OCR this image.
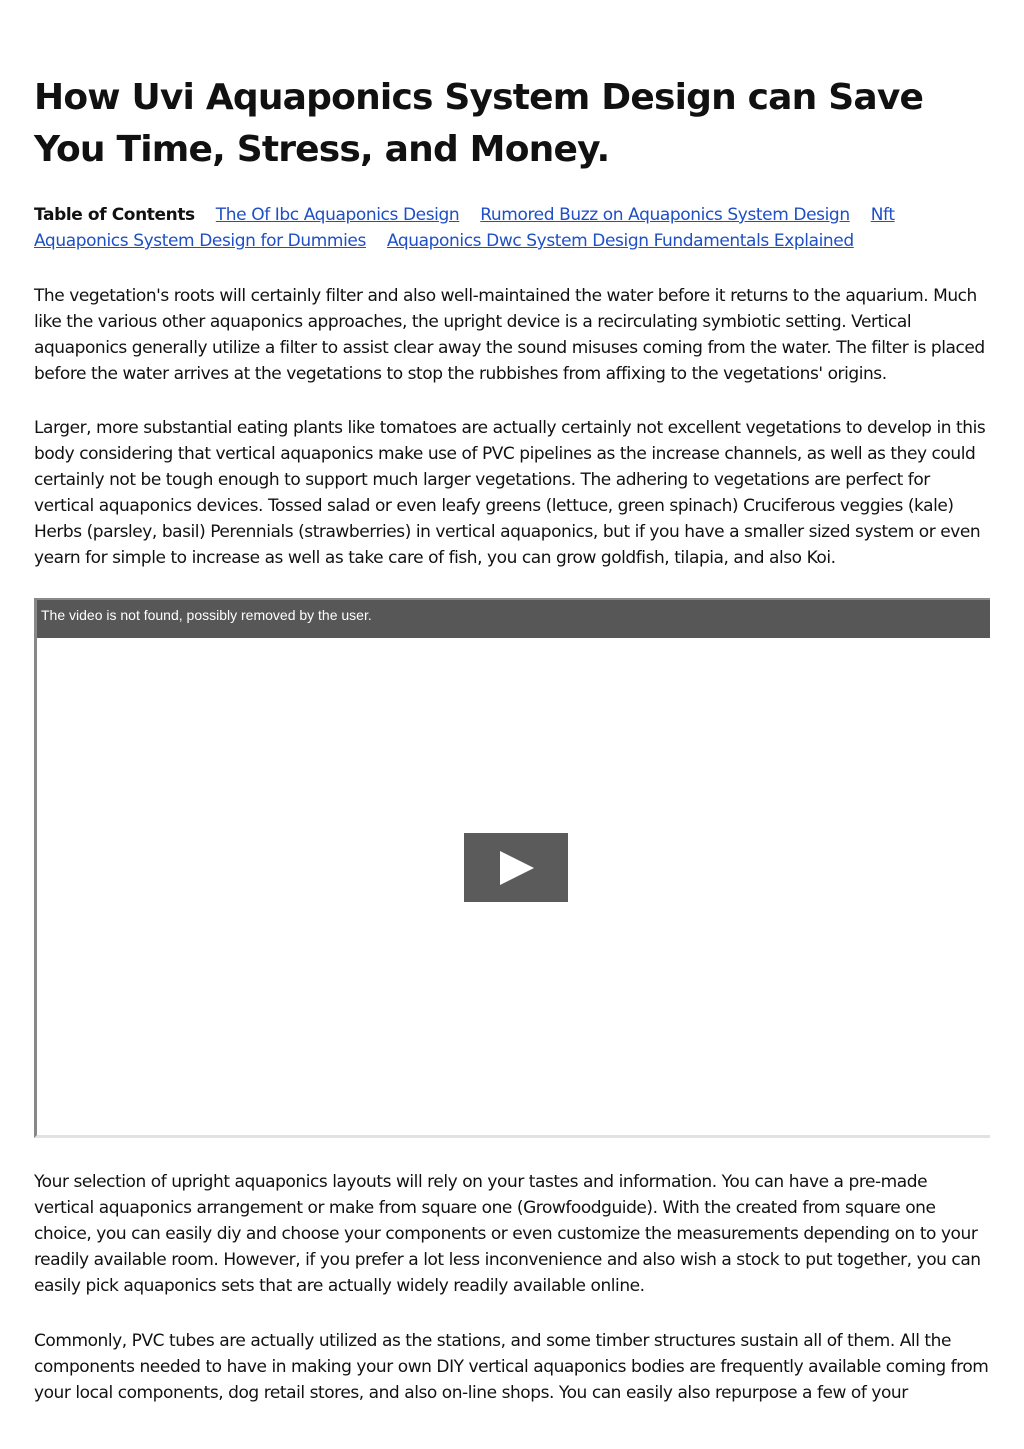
How Uvi Aquaponics System Design can Save You Time, Stress, and Money.
Table of Contents The Of Ibc Aquaponics Design Rumored Buzz on Aquaponics System Design Nft Aquaponics System Design for Dummies Aquaponics Dwc System Design Fundamentals Explained

The vegetation's roots will certainly filter and also well-maintained the water before it returns to the aquarium. Much like the various other aquaponics approaches, the upright device is a recirculating symbiotic setting. Vertical aquaponics generally utilize a filter to assist clear away the sound misuses coming from the water. The filter is placed before the water arrives at the vegetations to stop the rubbishes from affixing to the vegetations' origins.

Larger, more substantial eating plants like tomatoes are actually certainly not excellent vegetations to develop in this body considering that vertical aquaponics make use of PVC pipelines as the increase channels, as well as they could certainly not be tough enough to support much larger vegetations. The adhering to vegetations are perfect for vertical aquaponics devices. Tossed salad or even leafy greens (lettuce, green spinach) Cruciferous veggies (kale) Herbs (parsley, basil) Perennials (strawberries) in vertical aquaponics, but if you have a smaller sized system or even yearn for simple to increase as well as take care of fish, you can grow goldfish, tilapia, and also Koi.

Your selection of upright aquaponics layouts will rely on your tastes and information. You can have a pre-made vertical aquaponics arrangement or make from square one (Growfoodguide). With the created from square one choice, you can easily diy and choose your components or even customize the measurements depending on to your readily available room. However, if you prefer a lot less inconvenience and also wish a stock to put together, you can easily pick aquaponics sets that are actually widely readily available online.

Commonly, PVC tubes are actually utilized as the stations, and some timber structures sustain all of them. All the components needed to have in making your own DIY vertical aquaponics bodies are frequently available coming from your local components, dog retail stores, and also on-line shops. You can easily also repurpose a few of your

The video is not found, possibly removed by the user.
